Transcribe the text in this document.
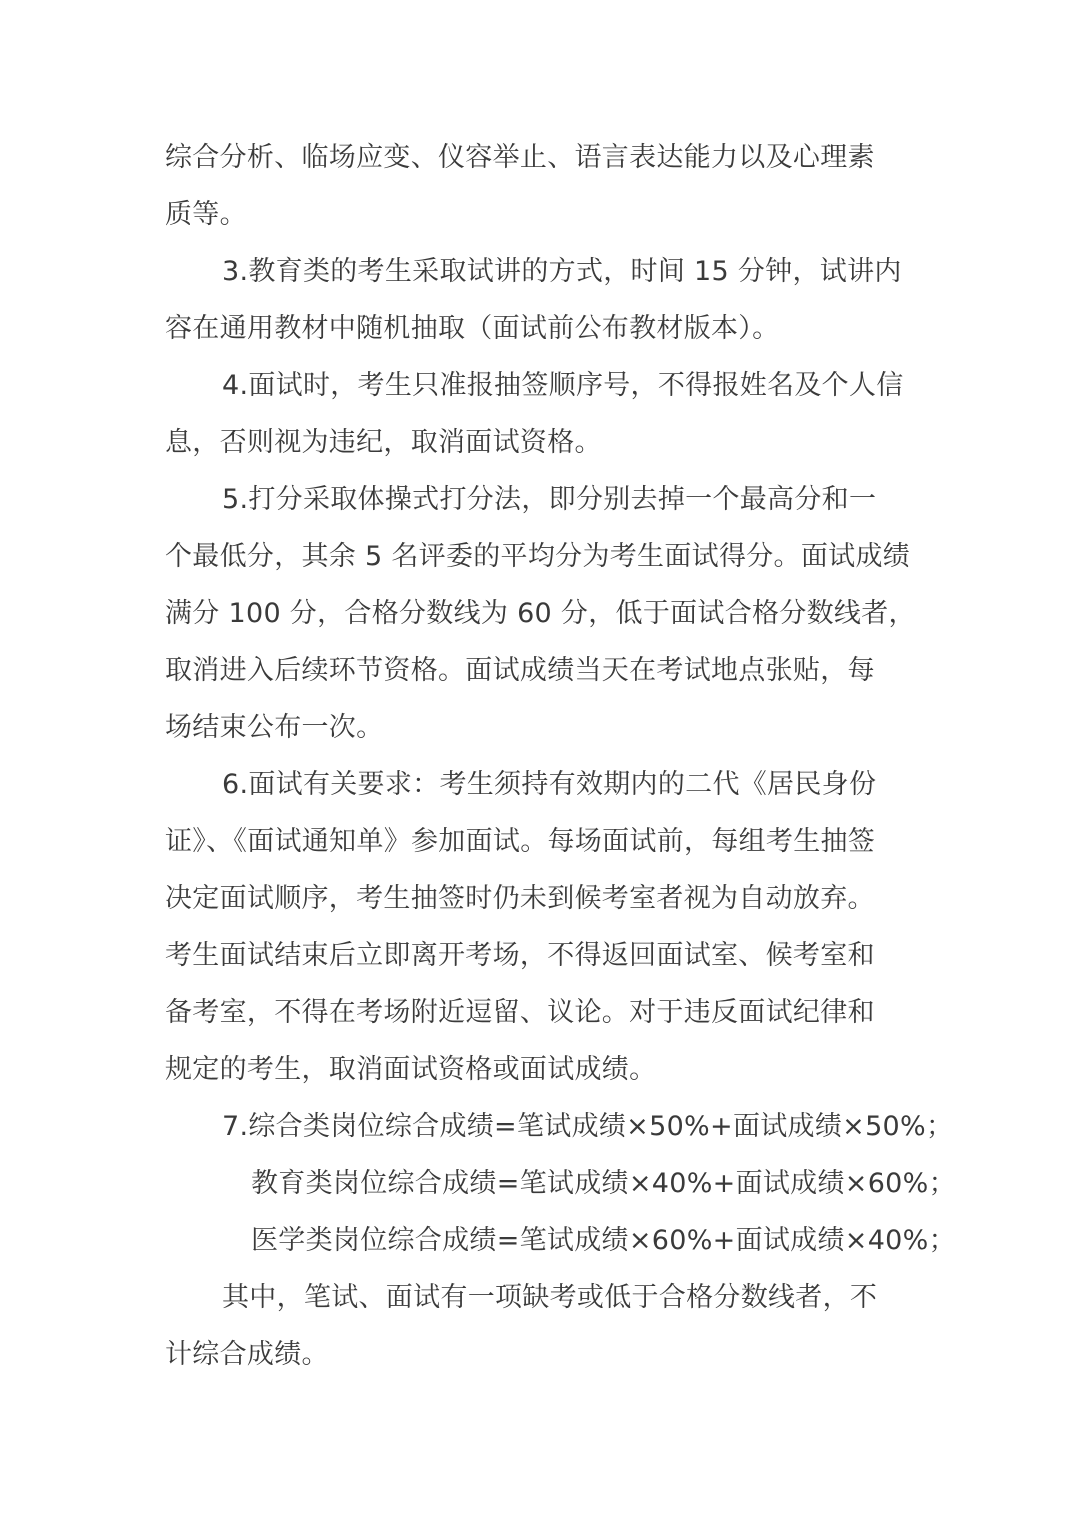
综合分析、临场应变、仪容举止、语言表达能力以及心理素
质等。
3.教育类的考生采取试讲的方式，时间 15 分钟，试讲内
容在通用教材中随机抽取（面试前公布教材版本）。
4.面试时，考生只准报抽签顺序号，不得报姓名及个人信
息，否则视为违纪，取消面试资格。
5.打分采取体操式打分法，即分别去掉一个最高分和一
个最低分，其余 5 名评委的平均分为考生面试得分。面试成绩
满分 100 分，合格分数线为 60 分，低于面试合格分数线者，
取消进入后续环节资格。面试成绩当天在考试地点张贴，每
场结束公布一次。
6.面试有关要求：考生须持有效期内的二代《居民身份
证》、《面试通知单》参加面试。每场面试前，每组考生抽签
决定面试顺序，考生抽签时仍未到候考室者视为自动放弃。
考生面试结束后立即离开考场，不得返回面试室、候考室和
备考室，不得在考场附近逗留、议论。对于违反面试纪律和
规定的考生，取消面试资格或面试成绩。
7.综合类岗位综合成绩=笔试成绩×50%+面试成绩×50%；
教育类岗位综合成绩=笔试成绩×40%+面试成绩×60%；
医学类岗位综合成绩=笔试成绩×60%+面试成绩×40%；
其中，笔试、面试有一项缺考或低于合格分数线者，不
计综合成绩。
